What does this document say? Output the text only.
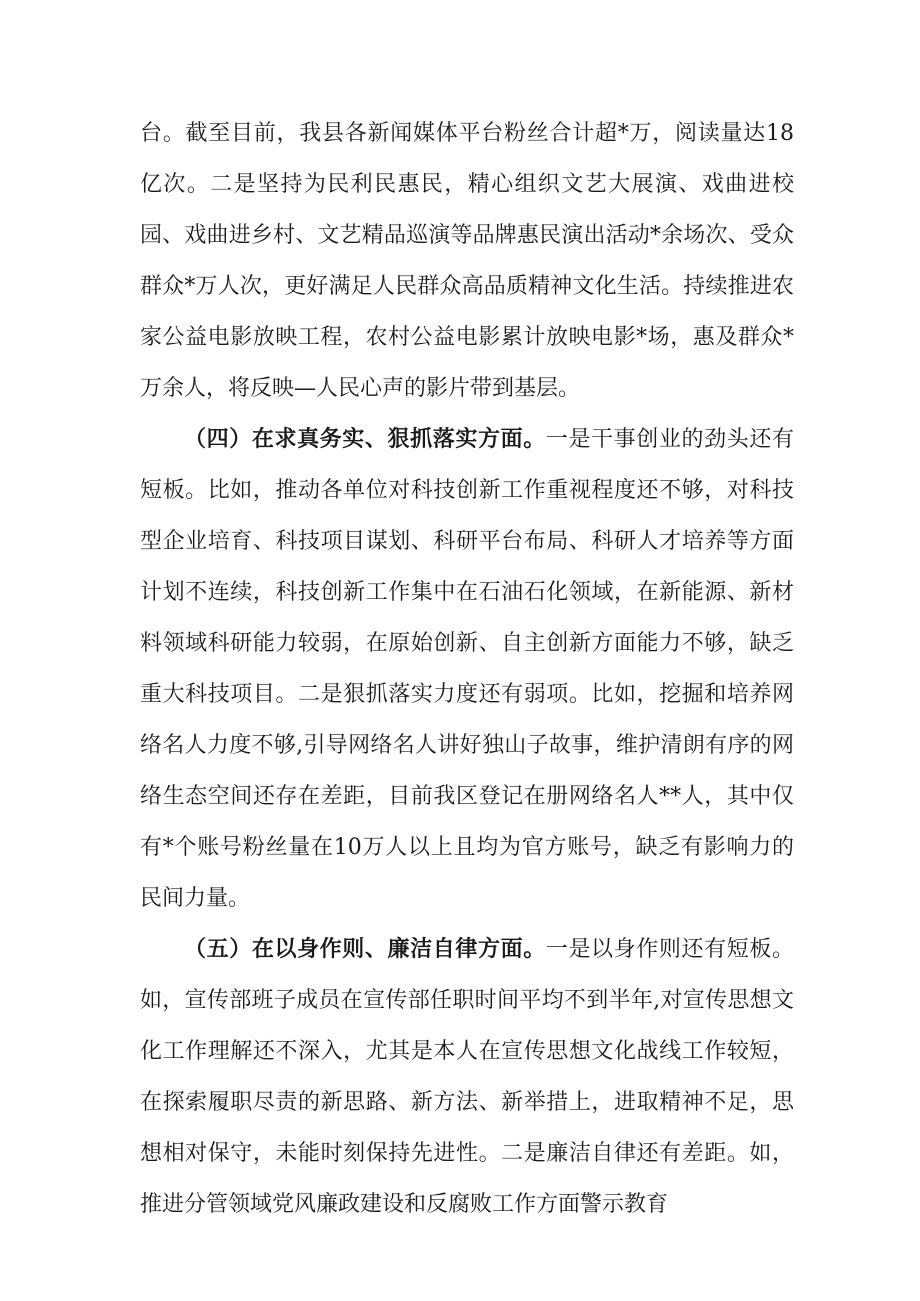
台。截至目前，我县各新闻媒体平台粉丝合计超*万，阅读量达18亿次。二是坚持为民利民惠民，精心组织文艺大展演、戏曲进校园、戏曲进乡村、文艺精品巡演等品牌惠民演出活动*余场次、受众群众*万人次，更好满足人民群众高品质精神文化生活。持续推进农家公益电影放映工程，农村公益电影累计放映电影*场，惠及群众*万余人，将反映—人民心声的影片带到基层。

（四）在求真务实、狠抓落实方面。一是干事创业的劲头还有短板。比如，推动各单位对科技创新工作重视程度还不够，对科技型企业培育、科技项目谋划、科研平台布局、科研人才培养等方面计划不连续，科技创新工作集中在石油石化领域，在新能源、新材料领域科研能力较弱，在原始创新、自主创新方面能力不够，缺乏重大科技项目。二是狠抓落实力度还有弱项。比如，挖掘和培养网络名人力度不够,引导网络名人讲好独山子故事，维护清朗有序的网络生态空间还存在差距，目前我区登记在册网络名人**人，其中仅有*个账号粉丝量在10万人以上且均为官方账号，缺乏有影响力的民间力量。

（五）在以身作则、廉洁自律方面。一是以身作则还有短板。如，宣传部班子成员在宣传部任职时间平均不到半年,对宣传思想文化工作理解还不深入，尤其是本人在宣传思想文化战线工作较短，在探索履职尽责的新思路、新方法、新举措上，进取精神不足，思想相对保守，未能时刻保持先进性。二是廉洁自律还有差距。如，推进分管领域党风廉政建设和反腐败工作方面警示教育
